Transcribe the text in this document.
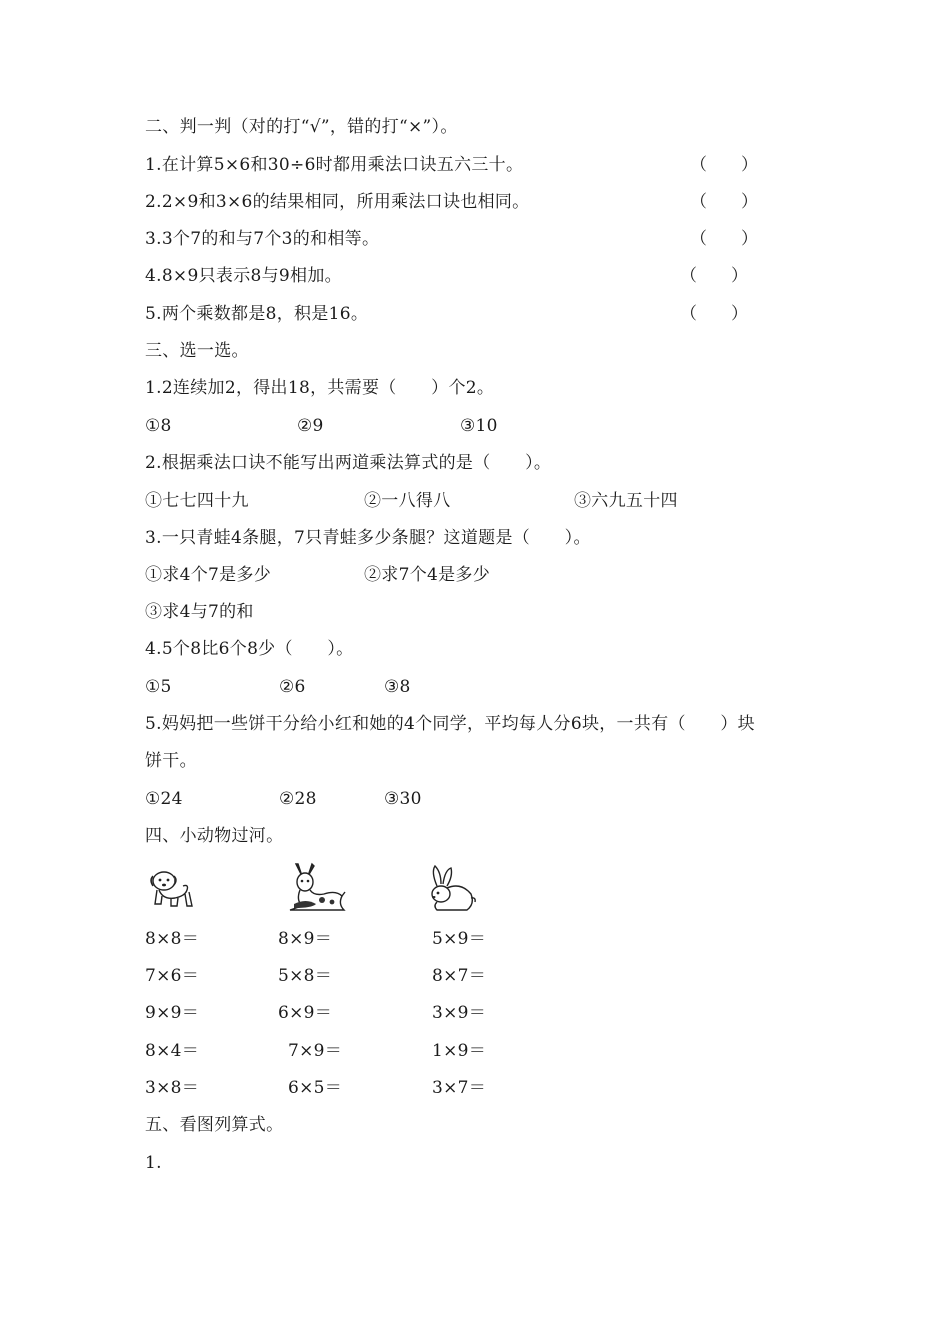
二、判一判（对的打“√”，错的打“×”）。
1.在计算5×6和30÷6时都用乘法口诀五六三十。	（　　）
2.2×9和3×6的结果相同，所用乘法口诀也相同。	（　　）
3.3个7的和与7个3的和相等。	（　　）
4.8×9只表示8与9相加。	（　　）
5.两个乘数都是8，积是16。	（　　）
三、选一选。
1.2连续加2，得出18，共需要（　　）个2。
①8	②9	③10
2.根据乘法口诀不能写出两道乘法算式的是（　　）。
①七七四十九	②一八得八	③六九五十四
3.一只青蛙4条腿，7只青蛙多少条腿？这道题是（　　）。
①求4个7是多少	②求7个4是多少
③求4与7的和
4.5个8比6个8少（　　）。
①5	②6	③8
5.妈妈把一些饼干分给小红和她的4个同学，平均每人分6块，一共有（　　）块
饼干。
①24	②28	③30
四、小动物过河。
8×8＝	8×9＝	5×9＝
7×6＝	5×8＝	8×7＝
9×9＝	6×9＝	3×9＝
8×4＝	7×9＝	1×9＝
3×8＝	6×5＝	3×7＝
五、看图列算式。
1.
